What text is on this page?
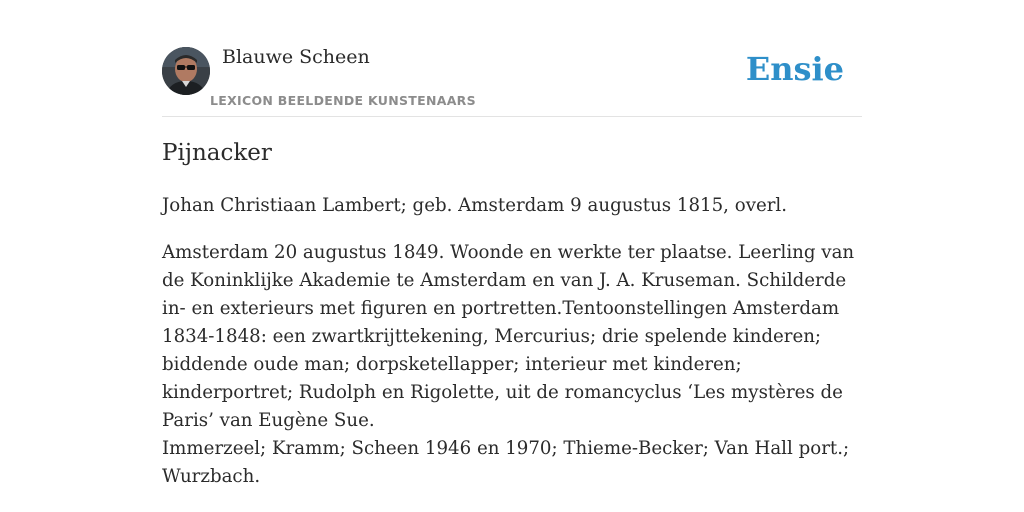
Blauwe Scheen
LEXICON BEELDENDE KUNSTENAARS
Ensie
Pijnacker

Johan Christiaan Lambert; geb. Amsterdam 9 augustus 1815, overl.

Amsterdam 20 augustus 1849. Woonde en werkte ter plaatse. Leerling van de Koninklijke Akademie te Amsterdam en van J. A. Kruseman. Schilderde in- en exterieurs met figuren en portretten.Tentoonstellingen Amsterdam 1834-1848: een zwartkrijttekening, Mercurius; drie spelende kinderen; biddende oude man; dorpsketellapper; interieur met kinderen; kinderportret; Rudolph en Rigolette, uit de romancyclus ‘Les mystères de Paris’ van Eugène Sue.

Immerzeel; Kramm; Scheen 1946 en 1970; Thieme-Becker; Van Hall port.; Wurzbach.
